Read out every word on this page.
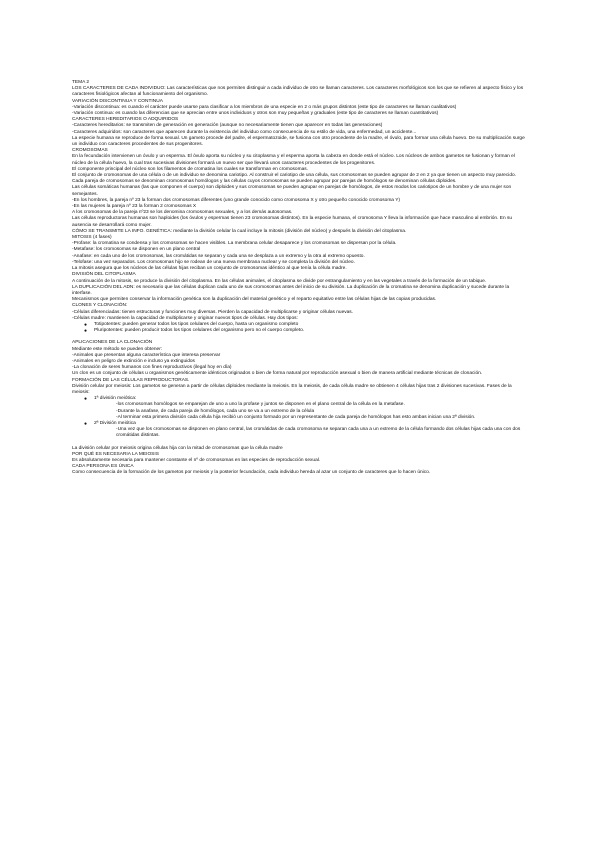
TEMA 2

LOS CARACTERES DE CADA INDIVIDUO: Las características que nos permiten distinguir a cada individuo de otro se llaman caracteres. Los caracteres morfológicos son los que se refieren al aspecto físico y los caracteres fisiológicos afectan al funcionamiento del organismo.

VARIACIÓN DISCONTINUA Y CONTINUA

-Variación discontinua: es cuando el carácter puede usarse para clasificar a los miembros de una especie en 2 o más grupos distintos (este tipo de caracteres se llaman cualitativos)

-Variación continua: es cuando las diferencias que se aprecian entre unos individuos y otros son muy pequeñas y graduales (este tipo de caracteres se llaman cuantitativos)

CARACTERES HEREDITARIOS O ADQUIRIDOS

-Caracteres hereditarios: se transmiten de generación en generación (aunque no necesariamente tienen que aparecer en todas las generaciones)

-Caracteres adquiridos: son caracteres que aparecen durante la existencia del individuo como consecuencia de su estilo de vida, una enfermedad, un accidente...

La especie humana se reproduce de forma sexual. Un gameto procede del padre, el espermatozoide, se fusiona con otro procedente de la madre, el óvulo, para formar una célula huevo. De su multiplicación surge un individuo con caracteres procedentes de sus progenitores.

CROMOSOMAS

En la fecundación intervienen un óvulo y un esperma. El óvulo aporta su núcleo y su citoplasma y el esperma aporta la cabeza en donde está el núcleo. Los núcleos de ambos gametos se fusionan y forman el núcleo de la célula huevo, la cual tras sucesivas divisiones formará un nuevo ser que llevará unos caracteres procedentes de los progenitores.

El componente principal del núcleo son los filamentos de cromatina los cuales se transforman en cromosomas.

El conjunto de cromosomas de una célula o de un individuo se denomina cariotipo. Al construir el cariotipo de una célula, sus cromosomas se pueden agrupar de 2 en 2 ya que tienen un aspecto muy parecido. Cada pareja de cromosomas se denominan cromosomas homólogos y las células cuyos cromosomas se pueden agrupar por parejas de homólogos se denominan células diploides.

Las células somáticas humanas (las que componen el cuerpo) son diploides y sus cromosomas se pueden agrupar en parejas de homólogos, de estos modos los cariotipos de un hombre y de una mujer son semejantes.

-En los hombres, la pareja nº 23 la forman dos cromosomas diferentes (uno grande conocido como cromosoma X y otro pequeño conocido cromosoma Y)

-En las mujeres la pareja nº 23 la forman 2 cromosomas X

A los cromosomas de la pareja nº23 se los denomina cromosomas sexuales, y a los demás autosomas.

Las células reproductoras humanas son haploides (los óvulos y espermas tienen 23 cromosomas distintos). En la especie humana, el cromosoma Y lleva la información que hace masculino al embrión. En su ausencia se desarrollará como mujer.

CÓMO SE TRANSMITE LA INFO. GENÉTICA: mediante la división celular la cual incluye la mitosis (división del núcleo) y después la división del citoplasma.

MITOSIS (4 fases)

-Profase: la cromatina se condensa y los cromosomas se hacen visibles. La membrana celular desaparece y los cromosomas se dispersan por la célula.

-Metafase: los cromosomas se disponen en un plano central

-Anafase: en cada uno de los cromosomas, las cromátidas se separan y cada una se desplaza a un extremo y la otra al extremo opuesto.

-Telofase: una vez separados. Los cromosomas hijo se rodean de una nueva membrana nuclear y se completa la división del núcleo.

La mitosis asegura que los núcleos de las células hijas reciban un conjunto de cromosomas idéntico al que tenía la célula madre.

DIVISIÓN DEL CITOPLASMA

A continuación de la mitosis, se produce la división del citoplasma. En las células animales, el citoplasma se divide por estrangulamiento y en las vegetales a través de la formación de un tabique.

LA DUPLICACIÓN DEL ADN: es necesario que las células duplican cada uno de sus cromosomas antes del inicio de su división. La duplicación de la cromatina se denomina duplicación y sucede durante la interfase.

Mecanismos que permiten conservar la información genética son la duplicación del material genético y el reparto equitativo entre las células hijas de las copias producidas.

CLONES Y CLONACIÓN:

-Células diferenciadas: tienen estructuras y funciones muy diversas. Pierden la capacidad de multiplicarse y originar células nuevas.

-Células madre: mantienen la capacidad de multiplicarse y originar nuevos tipos de células. Hay dos tipos:

● Totipotentes: pueden generar todos los tipos celulares del cuerpo, hasta un organismo completo

● Pluripotentes: pueden producir todos los tipos celulares del organismo pero no el cuerpo completo.

APLICACIONES DE LA CLONACIÓN

Mediante este método se pueden obtener:

-Animales que presentan alguna característica que interesa preservar

-Animales en peligro de extinción e incluso ya extinguidos

-La clonación de seres humanos con fines reproductivos (ilegal hoy en día)

Un clon es un conjunto de células u organismos genéticamente idénticos originados o bien de forma natural por reproducción asexual o bien de manera artificial mediante técnicas de clonación.

FORMACIÓN DE LAS CÉLULAS REPRODUCTORAS.

División celular por meiosis: Los gametos se generan a partir de células diploides mediante la meiosis. En la meiosis, de cada célula madre se obtienen 4 células hijas tras 2 divisiones sucesivas. Fases de la meiosis:

● 1ª división meiótica:

-los cromosomas homólogos se emparejan de uno a uno la profase y juntos se disponen en el plano central de la célula en la metafase.

-Durante la anafase, de cada pareja de homólogos, cada uno se va a un extremo de la célula

-Al terminar esta primera división cada célula hija recibió un conjunto formado por un representante de cada pareja de homólogos has esto ambas inician una 2ª división.

● 2ª División meiótica

-Una vez que los cromosomas se disponen en plano central, las cromátidas de cada cromosoma se separan cada una a un extremo de la célula formando dos células hijas cada una con dos cromátidas distintas.

La división celular por meiosis origina células hija con la mitad de cromosomas que la célula madre

POR QUÉ ES NECESARIA LA MEIOSIS

Es absolutamente necesaria para mantener constante el nº de cromosomas en las especies de reproducción sexual.

CADA PERSONA ES ÚNICA

Como consecuencia de la formación de los gametos por meiosis y la posterior fecundación, cada individuo hereda al azar un conjunto de caracteres que lo hacen único.
